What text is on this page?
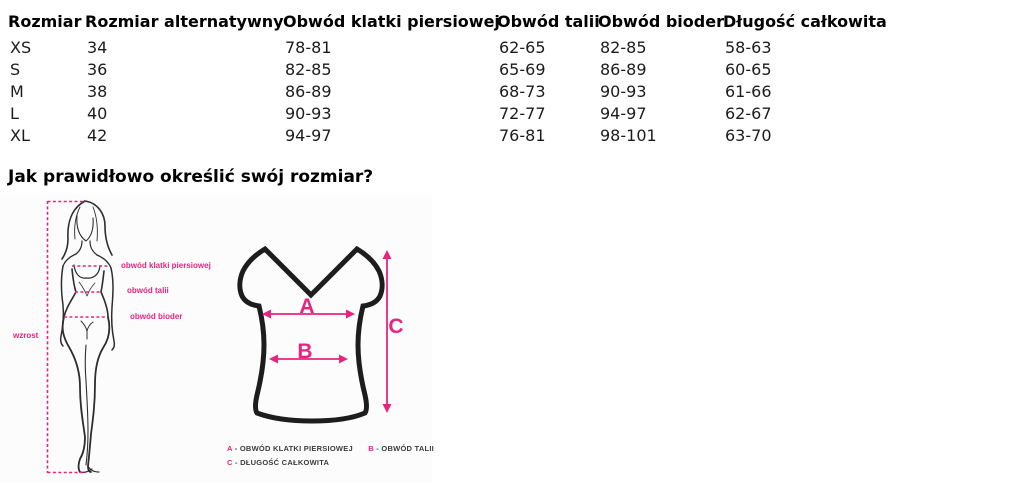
Rozmiar	Rozmiar alternatywny	Obwód klatki piersiowej	Obwód talii	Obwód bioder	Długość całkowita
XS	34	78-81	62-65	82-85	58-63
S	36	82-85	65-69	86-89	60-65
M	38	86-89	68-73	90-93	61-66
L	40	90-93	72-77	94-97	62-67
XL	42	94-97	76-81	98-101	63-70
Jak prawidłowo określić swój rozmiar?
obwód klatki piersiowej
obwód talii
obwód bioder
wzrost
A
B
C
A - OBWÓD KLATKI PIERSIOWEJ B - OBWÓD TALII
C - DŁUGOŚĆ CAŁKOWITA
